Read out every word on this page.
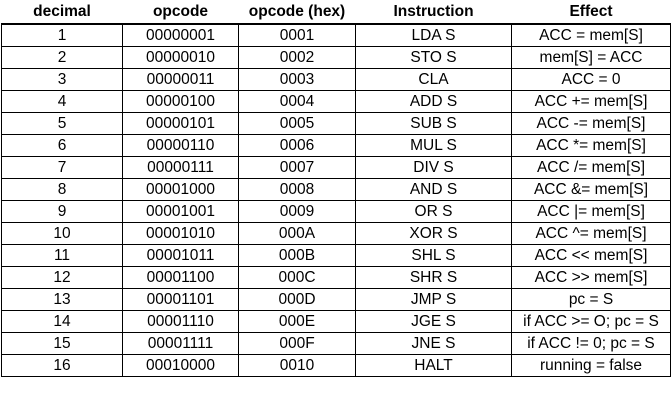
decimal	opcode	opcode (hex)	Instruction	Effect
1	00000001	0001	LDA S	ACC = mem[S]
2	00000010	0002	STO S	mem[S] = ACC
3	00000011	0003	CLA	ACC = 0
4	00000100	0004	ADD S	ACC += mem[S]
5	00000101	0005	SUB S	ACC -= mem[S]
6	00000110	0006	MUL S	ACC *= mem[S]
7	00000111	0007	DIV S	ACC /= mem[S]
8	00001000	0008	AND S	ACC &= mem[S]
9	00001001	0009	OR S	ACC |= mem[S]
10	00001010	000A	XOR S	ACC ^= mem[S]
11	00001011	000B	SHL S	ACC << mem[S]
12	00001100	000C	SHR S	ACC >> mem[S]
13	00001101	000D	JMP S	pc = S
14	00001110	000E	JGE S	if ACC >= O; pc = S
15	00001111	000F	JNE S	if ACC != 0; pc = S
16	00010000	0010	HALT	running = false
